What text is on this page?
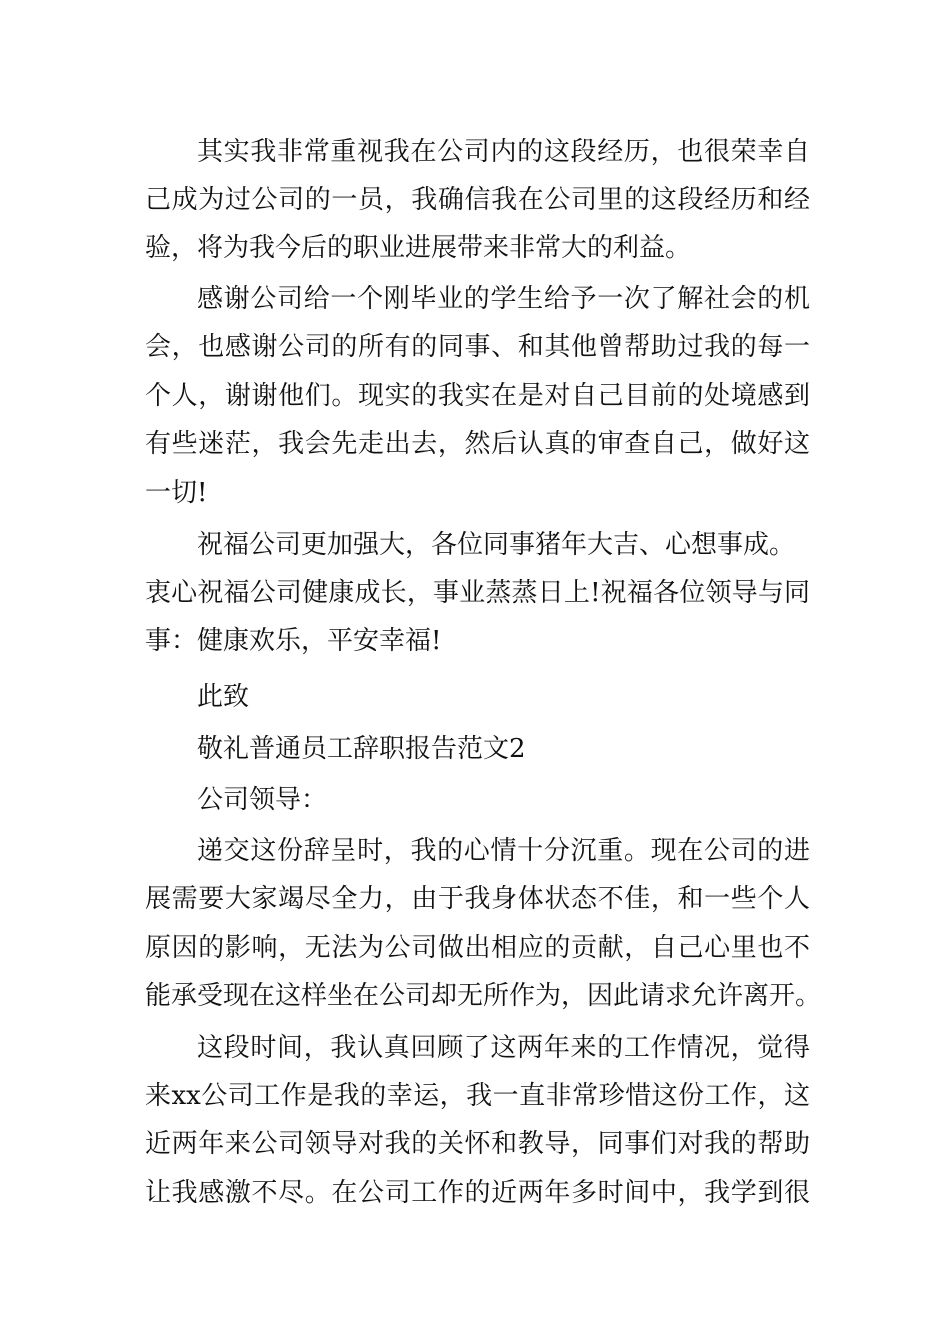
其实我非常重视我在公司内的这段经历，也很荣幸自
己成为过公司的一员，我确信我在公司里的这段经历和经
验，将为我今后的职业进展带来非常大的利益。
感谢公司给一个刚毕业的学生给予一次了解社会的机
会，也感谢公司的所有的同事、和其他曾帮助过我的每一
个人，谢谢他们。现实的我实在是对自己目前的处境感到
有些迷茫，我会先走出去，然后认真的审查自己，做好这
一切!
祝福公司更加强大，各位同事猪年大吉、心想事成。
衷心祝福公司健康成长，事业蒸蒸日上!祝福各位领导与同
事：健康欢乐，平安幸福!
此致
敬礼普通员工辞职报告范文2
公司领导：
递交这份辞呈时，我的心情十分沉重。现在公司的进
展需要大家竭尽全力，由于我身体状态不佳，和一些个人
原因的影响，无法为公司做出相应的贡献，自己心里也不
能承受现在这样坐在公司却无所作为，因此请求允许离开。
这段时间，我认真回顾了这两年来的工作情况，觉得
来xx公司工作是我的幸运，我一直非常珍惜这份工作，这
近两年来公司领导对我的关怀和教导，同事们对我的帮助
让我感激不尽。在公司工作的近两年多时间中，我学到很
